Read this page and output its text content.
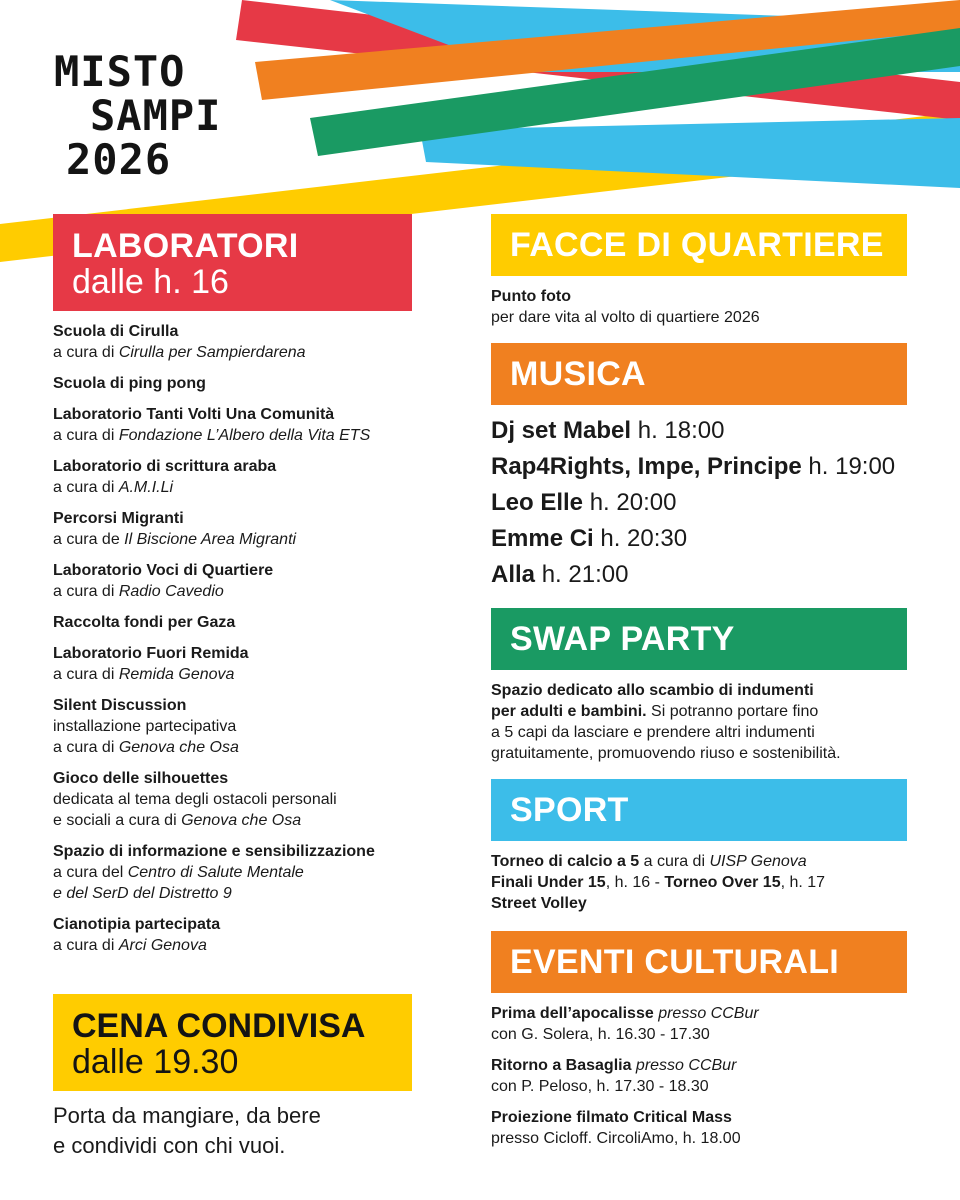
MISTO
SAMPI
2026
LABORATORI
dalle h. 16
Scuola di Cirulla
a cura di Cirulla per Sampierdarena
Scuola di ping pong
Laboratorio Tanti Volti Una Comunità
a cura di Fondazione L’Albero della Vita ETS
Laboratorio di scrittura araba
a cura di A.M.I.Li
Percorsi Migranti
a cura de Il Biscione Area Migranti
Laboratorio Voci di Quartiere
a cura di Radio Cavedio
Raccolta fondi per Gaza
Laboratorio Fuori Remida
a cura di Remida Genova
Silent Discussion
installazione partecipativa
a cura di Genova che Osa
Gioco delle silhouettes
dedicata al tema degli ostacoli personali
e sociali a cura di Genova che Osa
Spazio di informazione e sensibilizzazione
a cura del Centro di Salute Mentale
e del SerD del Distretto 9
Cianotipia partecipata
a cura di Arci Genova
CENA CONDIVISA
dalle 19.30
Porta da mangiare, da bere
e condividi con chi vuoi.
FACCE DI QUARTIERE
Punto foto
per dare vita al volto di quartiere 2026
MUSICA
Dj set Mabel h. 18:00
Rap4Rights, Impe, Principe h. 19:00
Leo Elle h. 20:00
Emme Ci h. 20:30
Alla h. 21:00
SWAP PARTY
Spazio dedicato allo scambio di indumenti
per adulti e bambini. Si potranno portare fino
a 5 capi da lasciare e prendere altri indumenti
gratuitamente, promuovendo riuso e sostenibilità.
SPORT
Torneo di calcio a 5 a cura di UISP Genova
Finali Under 15, h. 16 - Torneo Over 15, h. 17
Street Volley
EVENTI CULTURALI
Prima dell’apocalisse presso CCBur
con G. Solera, h. 16.30 - 17.30
Ritorno a Basaglia presso CCBur
con P. Peloso, h. 17.30 - 18.30
Proiezione filmato Critical Mass
presso Cicloff. CircoliAmo, h. 18.00
